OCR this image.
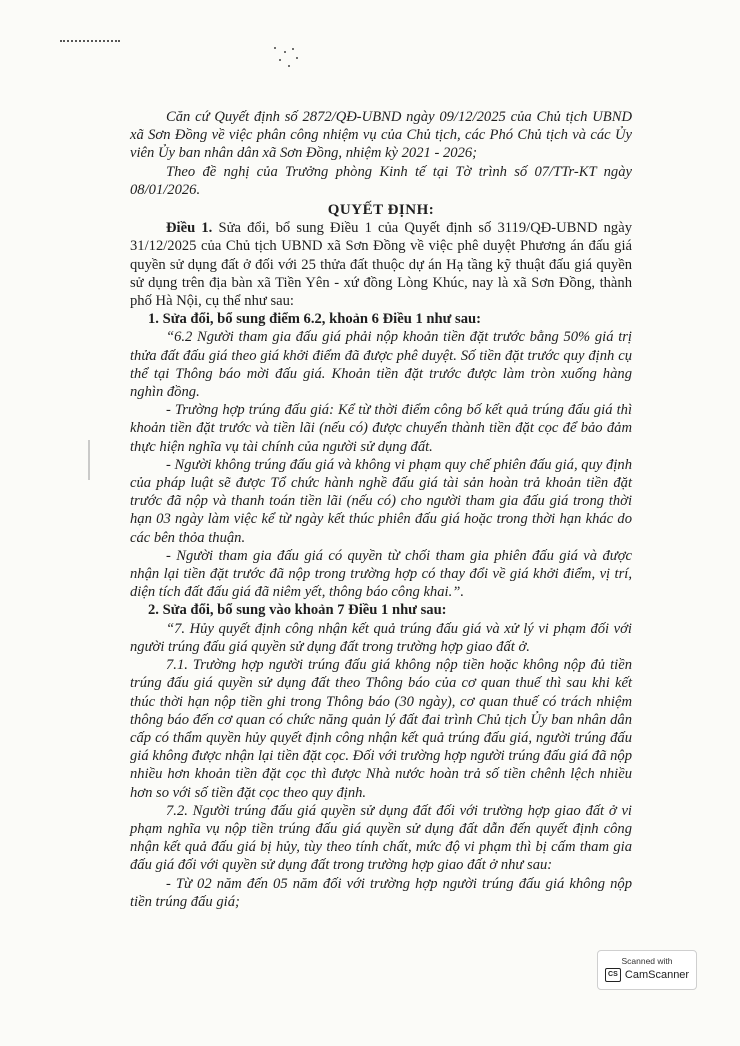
Căn cứ Quyết định số 2872/QĐ-UBND ngày 09/12/2025 của Chủ tịch UBND xã Sơn Đồng về việc phân công nhiệm vụ của Chủ tịch, các Phó Chủ tịch và các Ủy viên Ủy ban nhân dân xã Sơn Đồng, nhiệm kỳ 2021 - 2026;

Theo đề nghị của Trưởng phòng Kinh tế tại Tờ trình số 07/TTr-KT ngày 08/01/2026.

QUYẾT ĐỊNH:

Điều 1. Sửa đổi, bổ sung Điều 1 của Quyết định số 3119/QĐ-UBND ngày 31/12/2025 của Chủ tịch UBND xã Sơn Đồng về việc phê duyệt Phương án đấu giá quyền sử dụng đất ở đối với 25 thửa đất thuộc dự án Hạ tầng kỹ thuật đấu giá quyền sử dụng trên địa bàn xã Tiền Yên - xứ đồng Lòng Khúc, nay là xã Sơn Đồng, thành phố Hà Nội, cụ thể như sau:

1. Sửa đổi, bổ sung điểm 6.2, khoản 6 Điều 1 như sau:

“6.2 Người tham gia đấu giá phải nộp khoản tiền đặt trước bằng 50% giá trị thửa đất đấu giá theo giá khởi điểm đã được phê duyệt. Số tiền đặt trước quy định cụ thể tại Thông báo mời đấu giá. Khoản tiền đặt trước được làm tròn xuống hàng nghìn đồng.

- Trường hợp trúng đấu giá: Kể từ thời điểm công bố kết quả trúng đấu giá thì khoản tiền đặt trước và tiền lãi (nếu có) được chuyển thành tiền đặt cọc để bảo đảm thực hiện nghĩa vụ tài chính của người sử dụng đất.

- Người không trúng đấu giá và không vi phạm quy chế phiên đấu giá, quy định của pháp luật sẽ được Tổ chức hành nghề đấu giá tài sản hoàn trả khoản tiền đặt trước đã nộp và thanh toán tiền lãi (nếu có) cho người tham gia đấu giá trong thời hạn 03 ngày làm việc kể từ ngày kết thúc phiên đấu giá hoặc trong thời hạn khác do các bên thỏa thuận.

- Người tham gia đấu giá có quyền từ chối tham gia phiên đấu giá và được nhận lại tiền đặt trước đã nộp trong trường hợp có thay đổi về giá khởi điểm, vị trí, diện tích đất đấu giá đã niêm yết, thông báo công khai.”.

2. Sửa đổi, bổ sung vào khoản 7 Điều 1 như sau:

“7. Hủy quyết định công nhận kết quả trúng đấu giá và xử lý vi phạm đối với người trúng đấu giá quyền sử dụng đất trong trường hợp giao đất ở.

7.1. Trường hợp người trúng đấu giá không nộp tiền hoặc không nộp đủ tiền trúng đấu giá quyền sử dụng đất theo Thông báo của cơ quan thuế thì sau khi kết thúc thời hạn nộp tiền ghi trong Thông báo (30 ngày), cơ quan thuế có trách nhiệm thông báo đến cơ quan có chức năng quản lý đất đai trình Chủ tịch Ủy ban nhân dân cấp có thẩm quyền hủy quyết định công nhận kết quả trúng đấu giá, người trúng đấu giá không được nhận lại tiền đặt cọc. Đối với trường hợp người trúng đấu giá đã nộp nhiều hơn khoản tiền đặt cọc thì được Nhà nước hoàn trả số tiền chênh lệch nhiều hơn so với số tiền đặt cọc theo quy định.

7.2. Người trúng đấu giá quyền sử dụng đất đối với trường hợp giao đất ở vi phạm nghĩa vụ nộp tiền trúng đấu giá quyền sử dụng đất dẫn đến quyết định công nhận kết quả đấu giá bị hủy, tùy theo tính chất, mức độ vi phạm thì bị cấm tham gia đấu giá đối với quyền sử dụng đất trong trường hợp giao đất ở như sau:

- Từ 02 năm đến 05 năm đối với trường hợp người trúng đấu giá không nộp tiền trúng đấu giá;

Scanned with
CS CamScanner
